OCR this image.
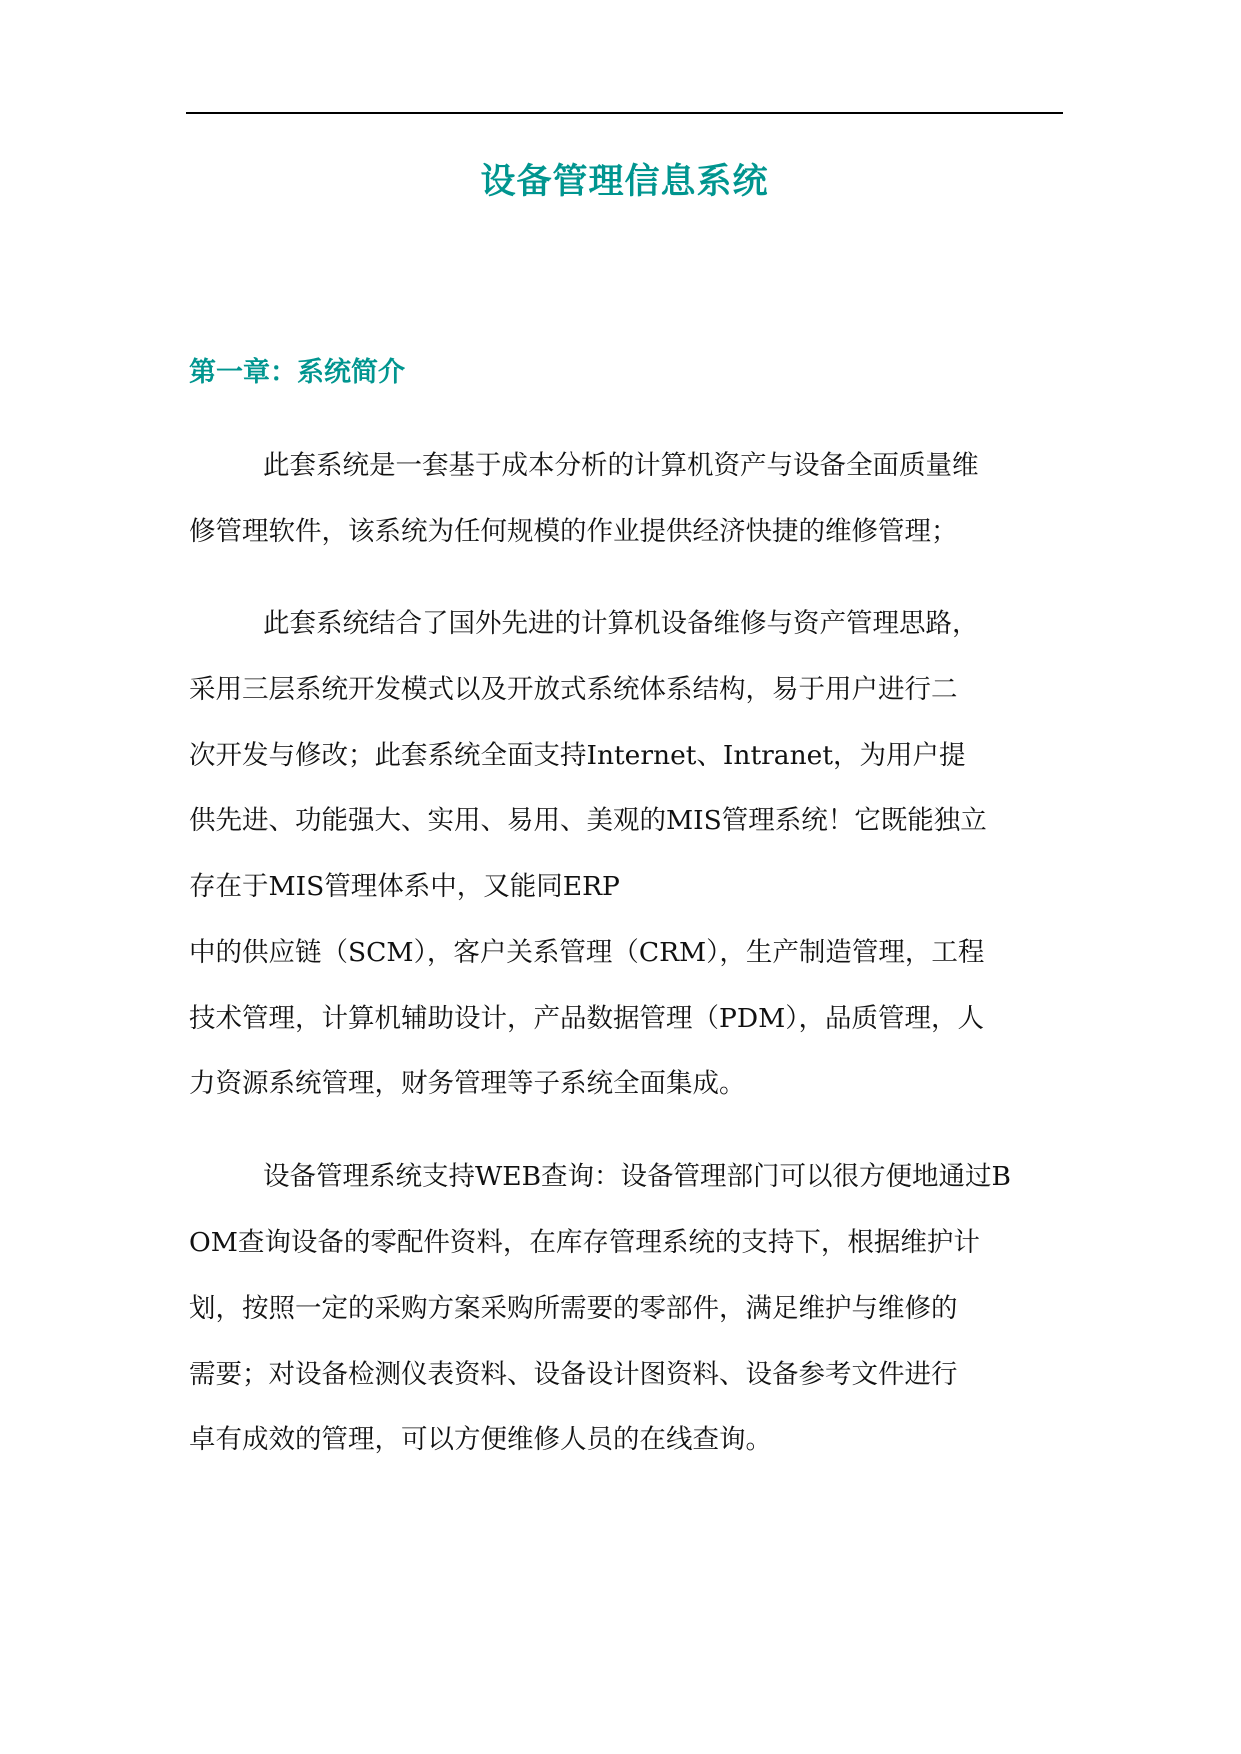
设备管理信息系统
第一章：系统简介
此套系统是一套基于成本分析的计算机资产与设备全面质量维
修管理软件，该系统为任何规模的作业提供经济快捷的维修管理；
此套系统结合了国外先进的计算机设备维修与资产管理思路，
采用三层系统开发模式以及开放式系统体系结构，易于用户进行二
次开发与修改；此套系统全面支持Internet、Intranet，为用户提
供先进、功能强大、实用、易用、美观的MIS管理系统！它既能独立
存在于MIS管理体系中，又能同ERP
中的供应链（SCM），客户关系管理（CRM），生产制造管理，工程
技术管理，计算机辅助设计，产品数据管理（PDM），品质管理，人
力资源系统管理，财务管理等子系统全面集成。
设备管理系统支持WEB查询：设备管理部门可以很方便地通过B
OM查询设备的零配件资料，在库存管理系统的支持下，根据维护计
划，按照一定的采购方案采购所需要的零部件，满足维护与维修的
需要；对设备检测仪表资料、设备设计图资料、设备参考文件进行
卓有成效的管理，可以方便维修人员的在线查询。
